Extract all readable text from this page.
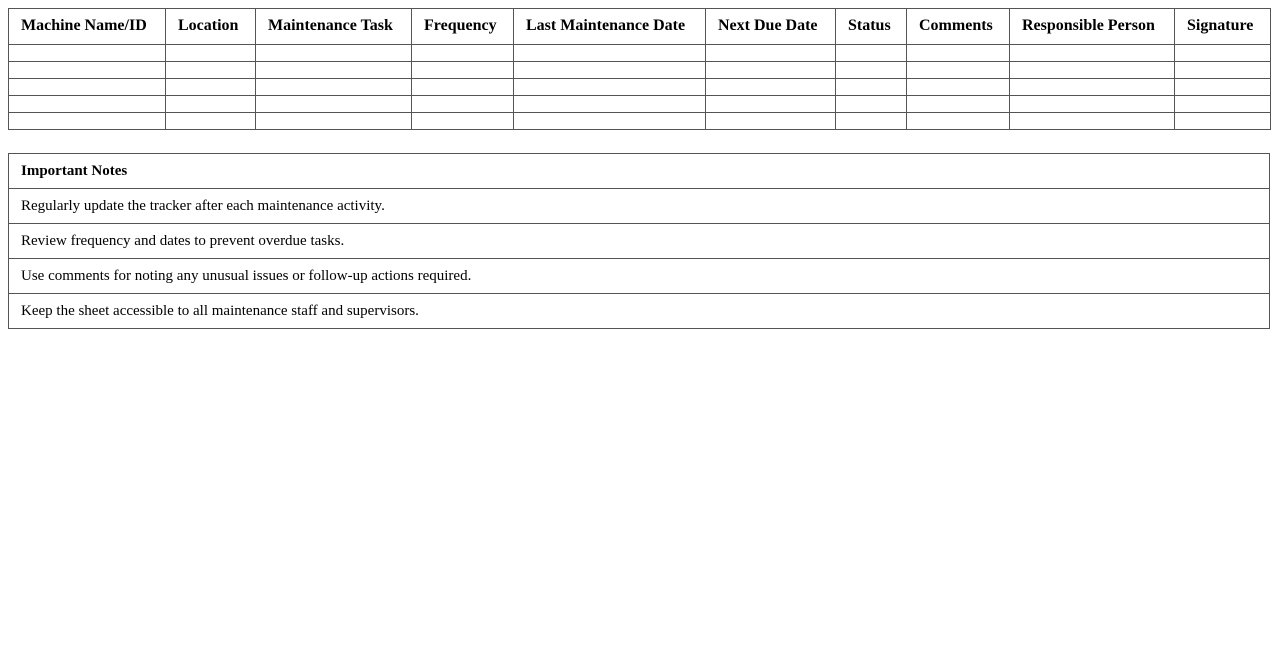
Machine Name/ID	Location	Maintenance Task	Frequency	Last Maintenance Date	Next Due Date	Status	Comments	Responsible Person	Signature

Important Notes
Regularly update the tracker after each maintenance activity.
Review frequency and dates to prevent overdue tasks.
Use comments for noting any unusual issues or follow-up actions required.
Keep the sheet accessible to all maintenance staff and supervisors.
